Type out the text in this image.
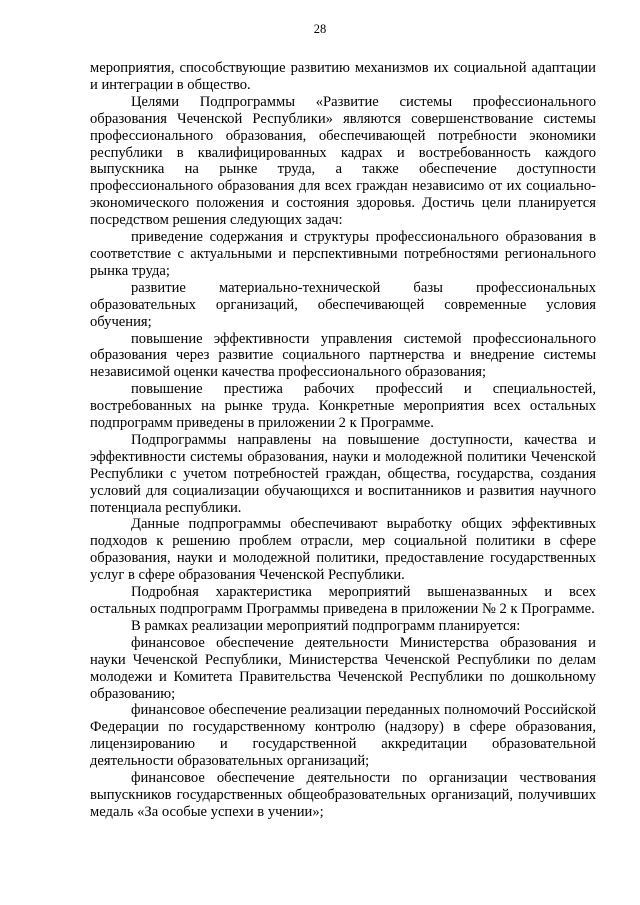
28

мероприятия, способствующие развитию механизмов их социальной адаптации и интеграции в общество.

Целями Подпрограммы «Развитие системы профессионального образования Чеченской Республики» являются совершенствование системы профессионального образования, обеспечивающей потребности экономики республики в квалифицированных кадрах и востребованность каждого выпускника на рынке труда, а также обеспечение доступности профессионального образования для всех граждан независимо от их социально-экономического положения и состояния здоровья. Достичь цели планируется посредством решения следующих задач:

приведение содержания и структуры профессионального образования в соответствие с актуальными и перспективными потребностями регионального рынка труда;

развитие материально-технической базы профессиональных образовательных организаций, обеспечивающей современные условия обучения;

повышение эффективности управления системой профессионального образования через развитие социального партнерства и внедрение системы независимой оценки качества профессионального образования;

повышение престижа рабочих профессий и специальностей, востребованных на рынке труда. Конкретные мероприятия всех остальных подпрограмм приведены в приложении 2 к Программе.

Подпрограммы направлены на повышение доступности, качества и эффективности системы образования, науки и молодежной политики Чеченской Республики с учетом потребностей граждан, общества, государства, создания условий для социализации обучающихся и воспитанников и развития научного потенциала республики.

Данные подпрограммы обеспечивают выработку общих эффективных подходов к решению проблем отрасли, мер социальной политики в сфере образования, науки и молодежной политики, предоставление государственных услуг в сфере образования Чеченской Республики.

Подробная характеристика мероприятий вышеназванных и всех остальных подпрограмм Программы приведена в приложении № 2 к Программе.

В рамках реализации мероприятий подпрограмм планируется:

финансовое обеспечение деятельности Министерства образования и науки Чеченской Республики, Министерства Чеченской Республики по делам молодежи и Комитета Правительства Чеченской Республики по дошкольному образованию;

финансовое обеспечение реализации переданных полномочий Российской Федерации по государственному контролю (надзору) в сфере образования, лицензированию и государственной аккредитации образовательной деятельности образовательных организаций;

финансовое обеспечение деятельности по организации чествования выпускников государственных общеобразовательных организаций, получивших медаль «За особые успехи в учении»;
